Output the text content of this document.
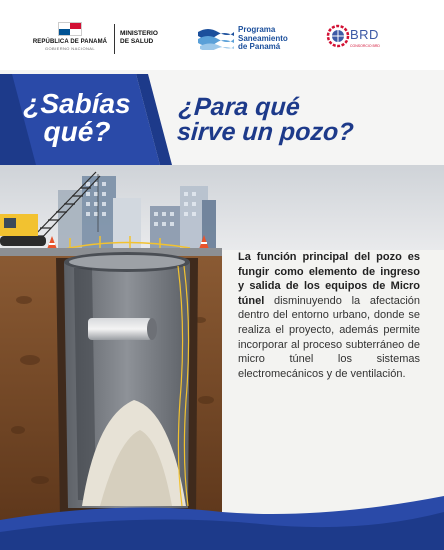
REPÚBLICA DE PANAMÁ
GOBIERNO NACIONAL
MINISTERIO
DE SALUD
Programa
Saneamiento
de Panamá
BRD
CONSORCIO BRD
¿Sabías
qué?
¿Para qué
sirve un pozo?
La función principal del pozo es fungir como elemento de ingreso y salida de los equipos de Micro túnel disminuyendo la afectación dentro del entorno urbano, donde se realiza el proyecto, además permite incorporar al proceso subterráneo de micro túnel los sistemas electromecánicos y de ventilación.
